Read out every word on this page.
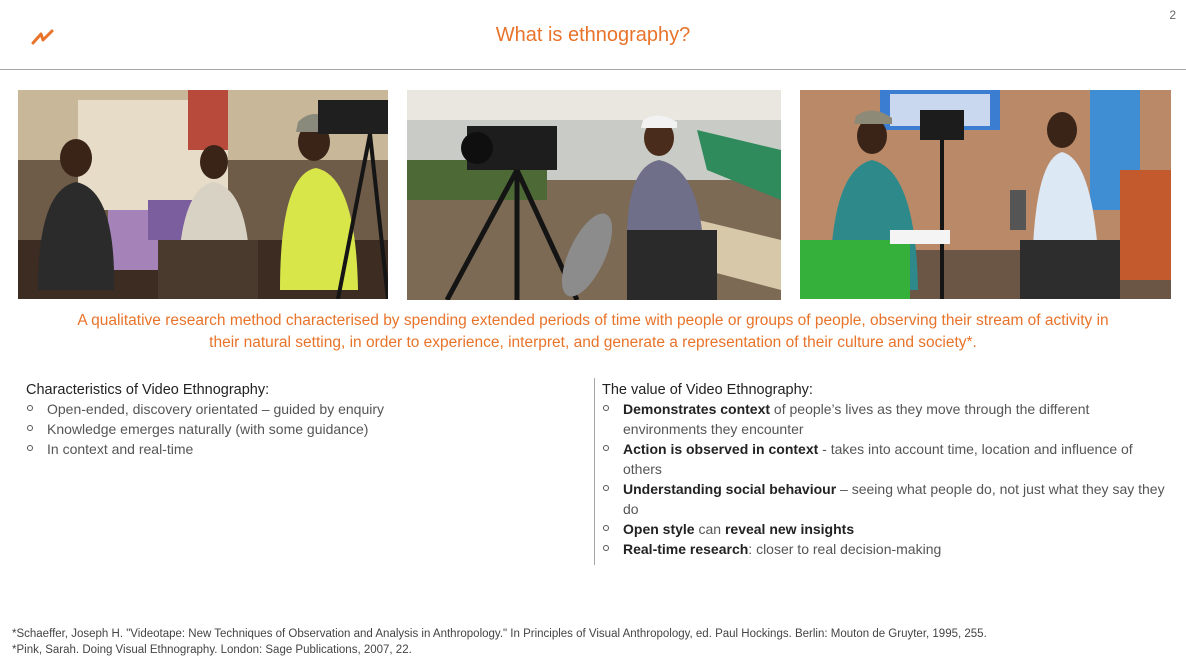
What is ethnography?
2
A qualitative research method characterised by spending extended periods of time with people or groups of people, observing their stream of activity in
their natural setting, in order to experience, interpret, and generate a representation of their culture and society*.
Characteristics of Video Ethnography:
Open-ended, discovery orientated – guided by enquiry
Knowledge emerges naturally (with some guidance)
In context and real-time
The value of Video Ethnography:
Demonstrates context of people’s lives as they move through the different environments they encounter
Action is observed in context - takes into account time, location and influence of others
Understanding social behaviour – seeing what people do, not just what they say they do
Open style can reveal new insights
Real-time research: closer to real decision-making
*Schaeffer, Joseph H. "Videotape: New Techniques of Observation and Analysis in Anthropology." In Principles of Visual Anthropology, ed. Paul Hockings. Berlin: Mouton de Gruyter, 1995, 255.
*Pink, Sarah. Doing Visual Ethnography. London: Sage Publications, 2007, 22.
